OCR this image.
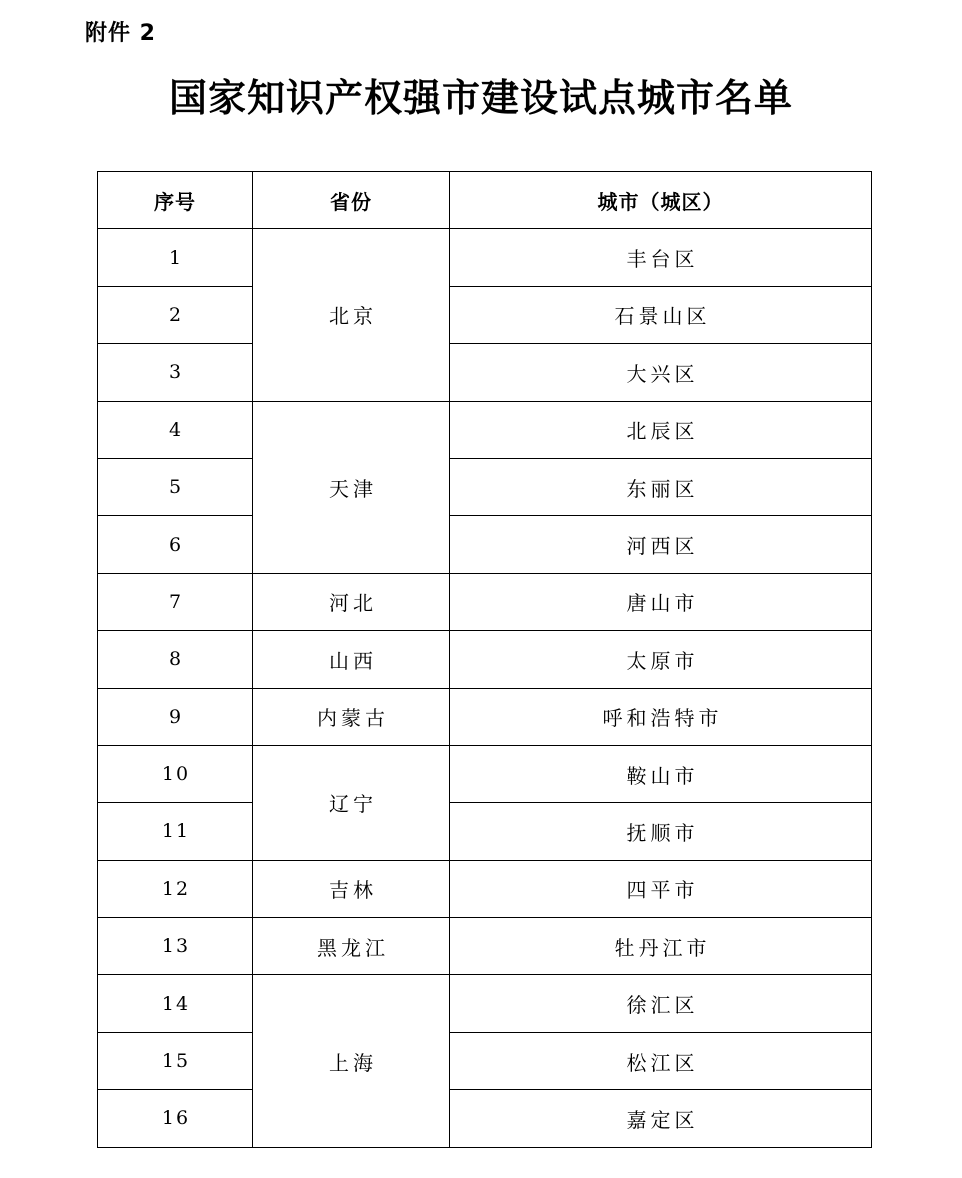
附件 2
国家知识产权强市建设试点城市名单
序号	省份	城市（城区）
1	北京	丰台区
2		石景山区
3		大兴区
4	天津	北辰区
5		东丽区
6		河西区
7	河北	唐山市
8	山西	太原市
9	内蒙古	呼和浩特市
10	辽宁	鞍山市
11		抚顺市
12	吉林	四平市
13	黑龙江	牡丹江市
14	上海	徐汇区
15		松江区
16		嘉定区
